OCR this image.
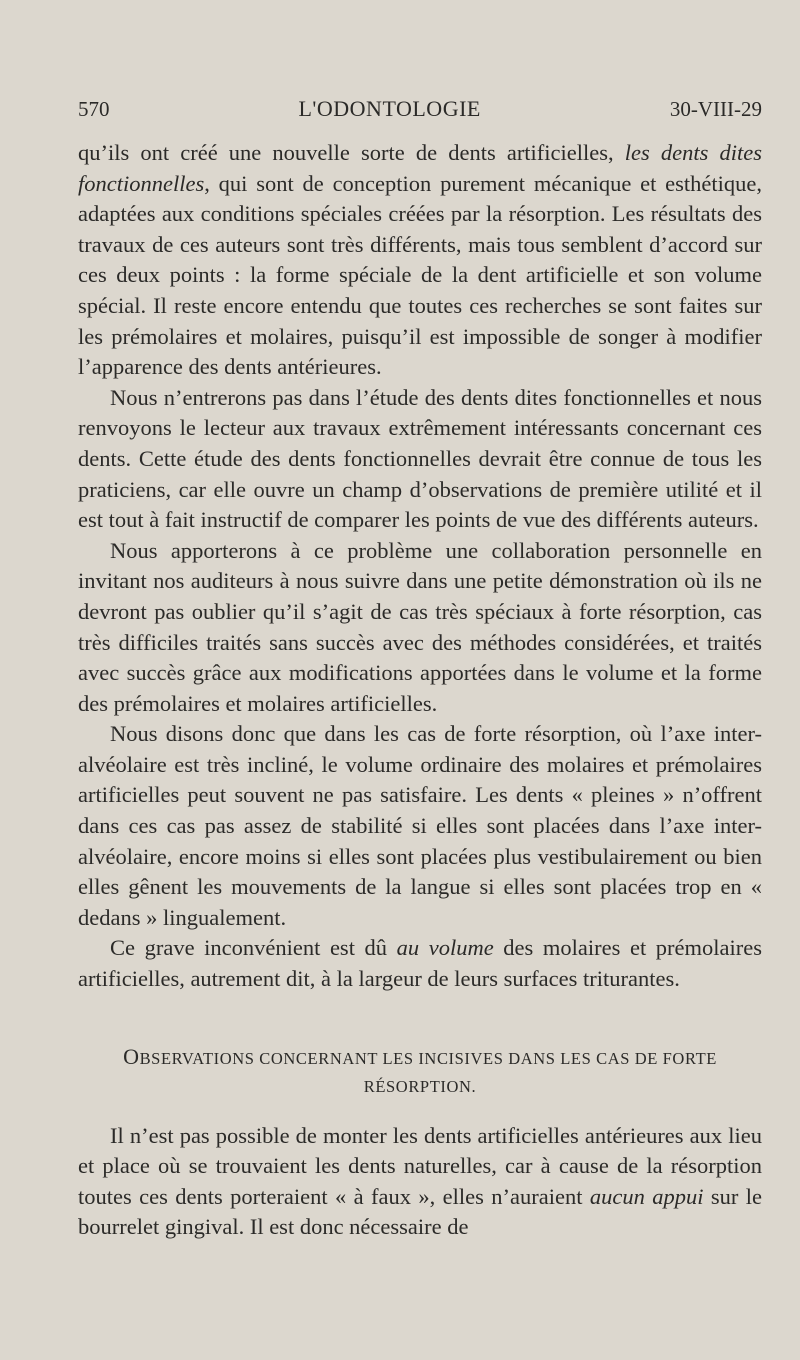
570	L'ODONTOLOGIE	30-VIII-29

qu’ils ont créé une nouvelle sorte de dents artificielles, les dents dites fonctionnelles, qui sont de conception purement mécanique et esthétique, adaptées aux conditions spéciales créées par la résorption. Les résultats des travaux de ces auteurs sont très différents, mais tous semblent d’accord sur ces deux points : la forme spéciale de la dent artificielle et son volume spécial. Il reste encore entendu que toutes ces recherches se sont faites sur les prémolaires et molaires, puisqu’il est impossible de songer à modifier l’apparence des dents antérieures.

Nous n’entrerons pas dans l’étude des dents dites fonctionnelles et nous renvoyons le lecteur aux travaux extrêmement intéressants concernant ces dents. Cette étude des dents fonctionnelles devrait être connue de tous les praticiens, car elle ouvre un champ d’observations de première utilité et il est tout à fait instructif de comparer les points de vue des différents auteurs.

Nous apporterons à ce problème une collaboration personnelle en invitant nos auditeurs à nous suivre dans une petite démonstration où ils ne devront pas oublier qu’il s’agit de cas très spéciaux à forte résorption, cas très difficiles traités sans succès avec des méthodes considérées, et traités avec succès grâce aux modifications apportées dans le volume et la forme des prémolaires et molaires artificielles.

Nous disons donc que dans les cas de forte résorption, où l’axe inter-alvéolaire est très incliné, le volume ordinaire des molaires et prémolaires artificielles peut souvent ne pas satisfaire. Les dents « pleines » n’offrent dans ces cas pas assez de stabilité si elles sont placées dans l’axe inter-alvéolaire, encore moins si elles sont placées plus vestibulairement ou bien elles gênent les mouvements de la langue si elles sont placées trop en « dedans » lingualement.

Ce grave inconvénient est dû au volume des molaires et prémolaires artificielles, autrement dit, à la largeur de leurs surfaces triturantes.

OBSERVATIONS CONCERNANT LES INCISIVES DANS LES CAS DE FORTE
RÉSORPTION.

Il n’est pas possible de monter les dents artificielles antérieures aux lieu et place où se trouvaient les dents naturelles, car à cause de la résorption toutes ces dents porteraient « à faux », elles n’auraient aucun appui sur le bourrelet gingival. Il est donc nécessaire de
